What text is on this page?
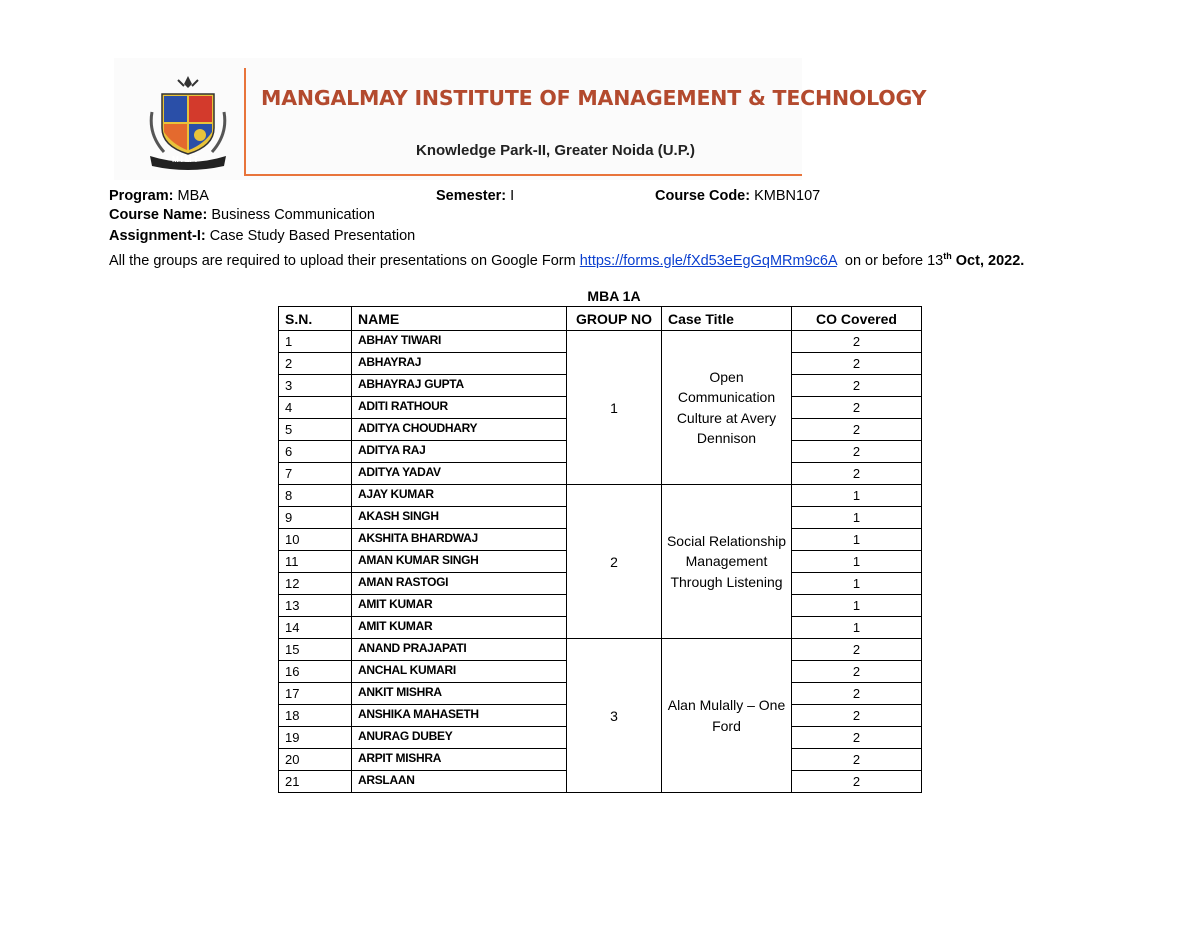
MIMT
MANGALMAY INSTITUTE OF MANAGEMENT & TECHNOLOGY
Knowledge Park-II, Greater Noida (U.P.)
Program: MBA	Semester: I	Course Code: KMBN107
Course Name: Business Communication
Assignment-I: Case Study Based Presentation
All the groups are required to upload their presentations on Google Form https://forms.gle/fXd53eEgGqMRm9c6A on or before 13th Oct, 2022.
MBA 1A
S.N.	NAME	GROUP NO	Case Title	CO Covered
1	ABHAY TIWARI	1	Open Communication Culture at Avery Dennison	2
2	ABHAYRAJ			2
3	ABHAYRAJ GUPTA			2
4	ADITI RATHOUR			2
5	ADITYA CHOUDHARY			2
6	ADITYA RAJ			2
7	ADITYA YADAV			2
8	AJAY KUMAR	2	Social Relationship Management Through Listening	1
9	AKASH SINGH			1
10	AKSHITA BHARDWAJ			1
11	AMAN KUMAR SINGH			1
12	AMAN RASTOGI			1
13	AMIT KUMAR			1
14	AMIT KUMAR			1
15	ANAND PRAJAPATI	3	Alan Mulally – One Ford	2
16	ANCHAL KUMARI			2
17	ANKIT MISHRA			2
18	ANSHIKA MAHASETH			2
19	ANURAG DUBEY			2
20	ARPIT MISHRA			2
21	ARSLAAN			2
